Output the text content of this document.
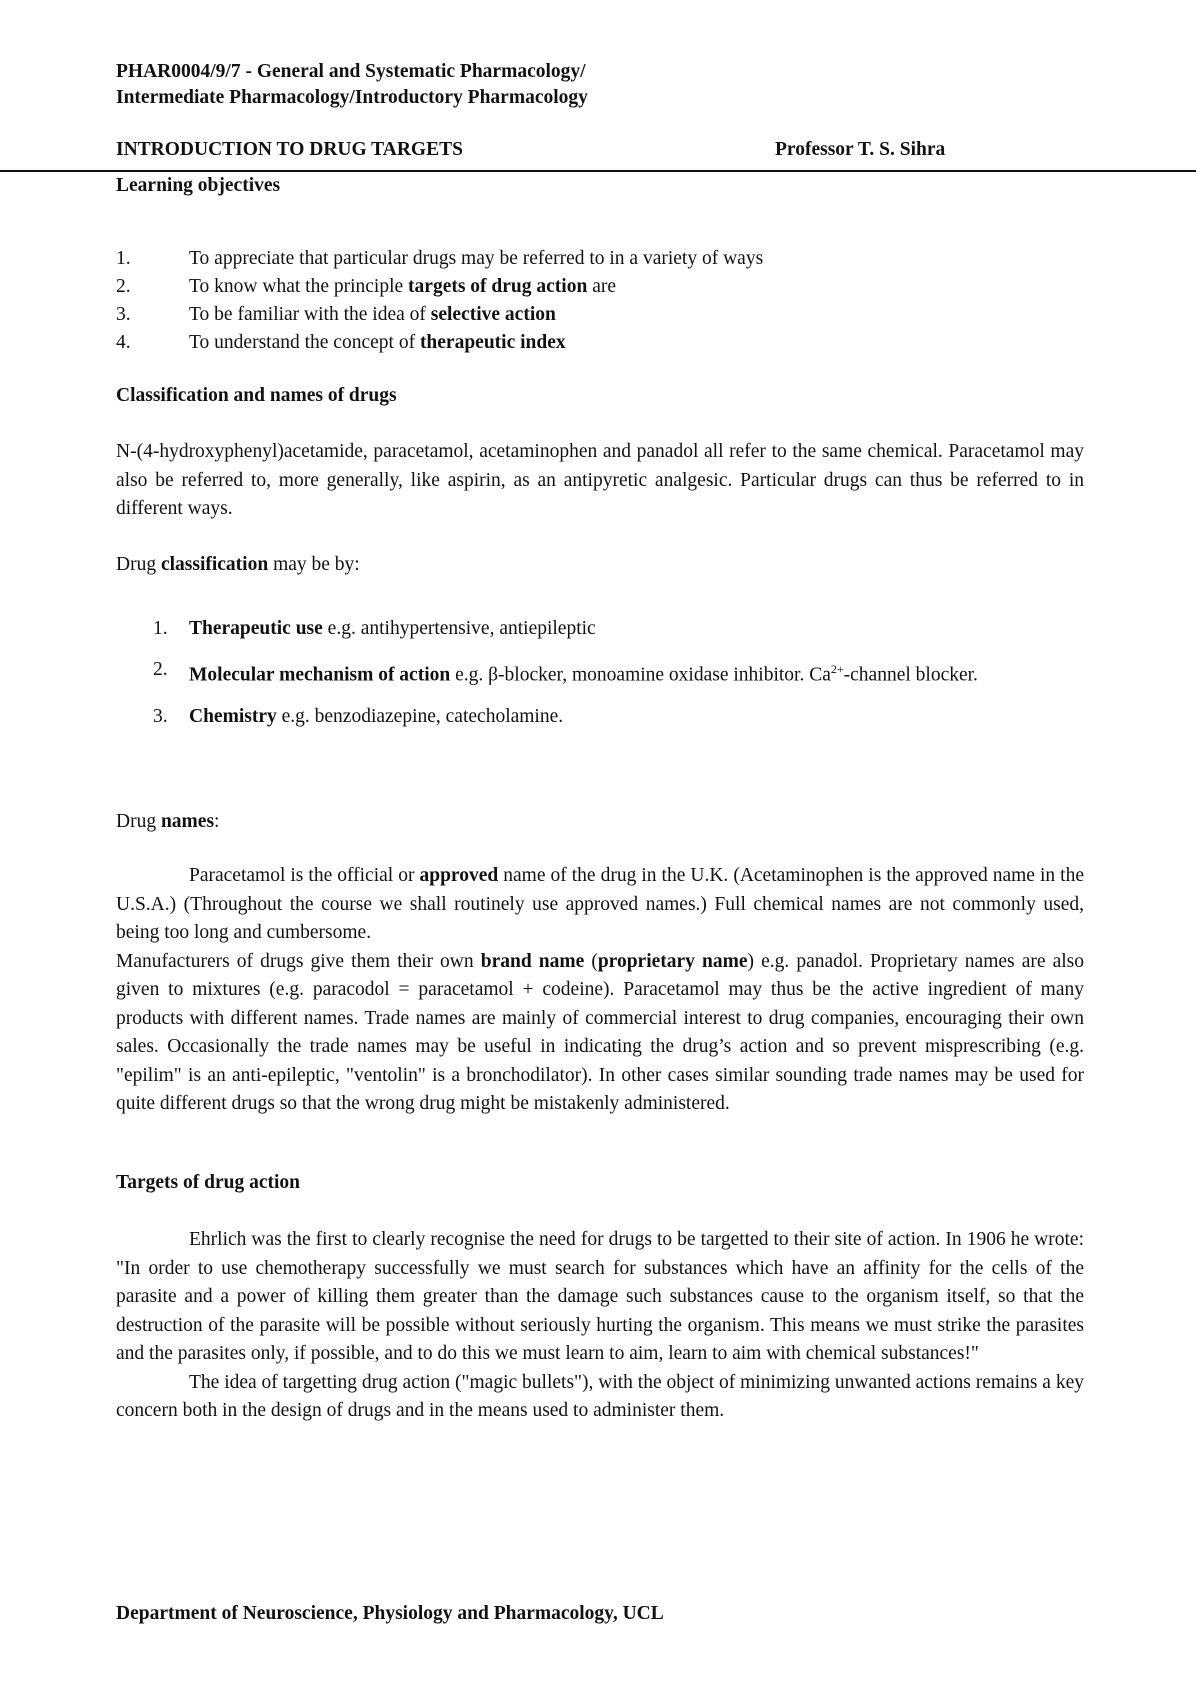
PHAR0004/9/7 - General and Systematic Pharmacology/
Intermediate Pharmacology/Introductory Pharmacology
INTRODUCTION TO DRUG TARGETS	Professor T. S. Sihra
Learning objectives
1.	To appreciate that particular drugs may be referred to in a variety of ways
2.	To know what the principle targets of drug action are
3.	To be familiar with the idea of selective action
4.	To understand the concept of therapeutic index
Classification and names of drugs
N-(4-hydroxyphenyl)acetamide, paracetamol, acetaminophen and panadol all refer to the same chemical. Paracetamol may also be referred to, more generally, like aspirin, as an antipyretic analgesic. Particular drugs can thus be referred to in different ways.
Drug classification may be by:
1. Therapeutic use e.g. antihypertensive, antiepileptic
2. Molecular mechanism of action e.g. β-blocker, monoamine oxidase inhibitor. $Ca^{2+}$-channel blocker.
3. Chemistry e.g. benzodiazepine, catecholamine.
Drug names:
Paracetamol is the official or approved name of the drug in the U.K. (Acetaminophen is the approved name in the U.S.A.) (Throughout the course we shall routinely use approved names.) Full chemical names are not commonly used, being too long and cumbersome.
Manufacturers of drugs give them their own brand name (proprietary name) e.g. panadol. Proprietary names are also given to mixtures (e.g. paracodol = paracetamol + codeine). Paracetamol may thus be the active ingredient of many products with different names. Trade names are mainly of commercial interest to drug companies, encouraging their own sales. Occasionally the trade names may be useful in indicating the drug’s action and so prevent misprescribing (e.g. "epilim" is an anti-epileptic, "ventolin" is a bronchodilator). In other cases similar sounding trade names may be used for quite different drugs so that the wrong drug might be mistakenly administered.
Targets of drug action
Ehrlich was the first to clearly recognise the need for drugs to be targetted to their site of action. In 1906 he wrote: "In order to use chemotherapy successfully we must search for substances which have an affinity for the cells of the parasite and a power of killing them greater than the damage such substances cause to the organism itself, so that the destruction of the parasite will be possible without seriously hurting the organism. This means we must strike the parasites and the parasites only, if possible, and to do this we must learn to aim, learn to aim with chemical substances!"
The idea of targetting drug action ("magic bullets"), with the object of minimizing unwanted actions remains a key concern both in the design of drugs and in the means used to administer them.
Department of Neuroscience, Physiology and Pharmacology, UCL
